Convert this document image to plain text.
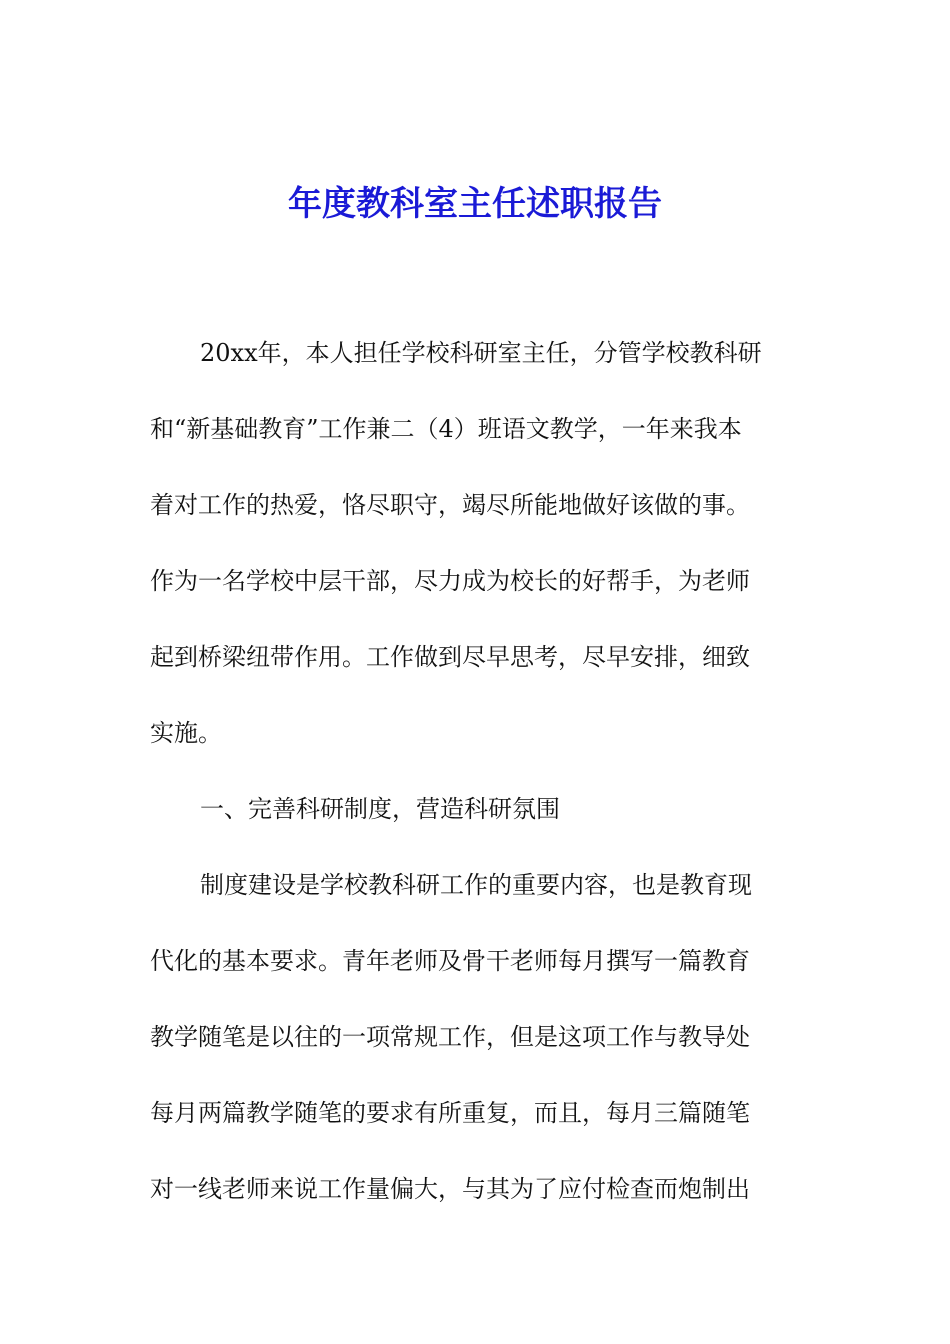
年度教科室主任述职报告
20xx年，本人担任学校科研室主任，分管学校教科研
和“新基础教育”工作兼二（4）班语文教学，一年来我本
着对工作的热爱，恪尽职守，竭尽所能地做好该做的事。
作为一名学校中层干部，尽力成为校长的好帮手，为老师
起到桥梁纽带作用。工作做到尽早思考，尽早安排，细致
实施。
一、完善科研制度，营造科研氛围
制度建设是学校教科研工作的重要内容，也是教育现
代化的基本要求。青年老师及骨干老师每月撰写一篇教育
教学随笔是以往的一项常规工作，但是这项工作与教导处
每月两篇教学随笔的要求有所重复，而且，每月三篇随笔
对一线老师来说工作量偏大，与其为了应付检查而炮制出
